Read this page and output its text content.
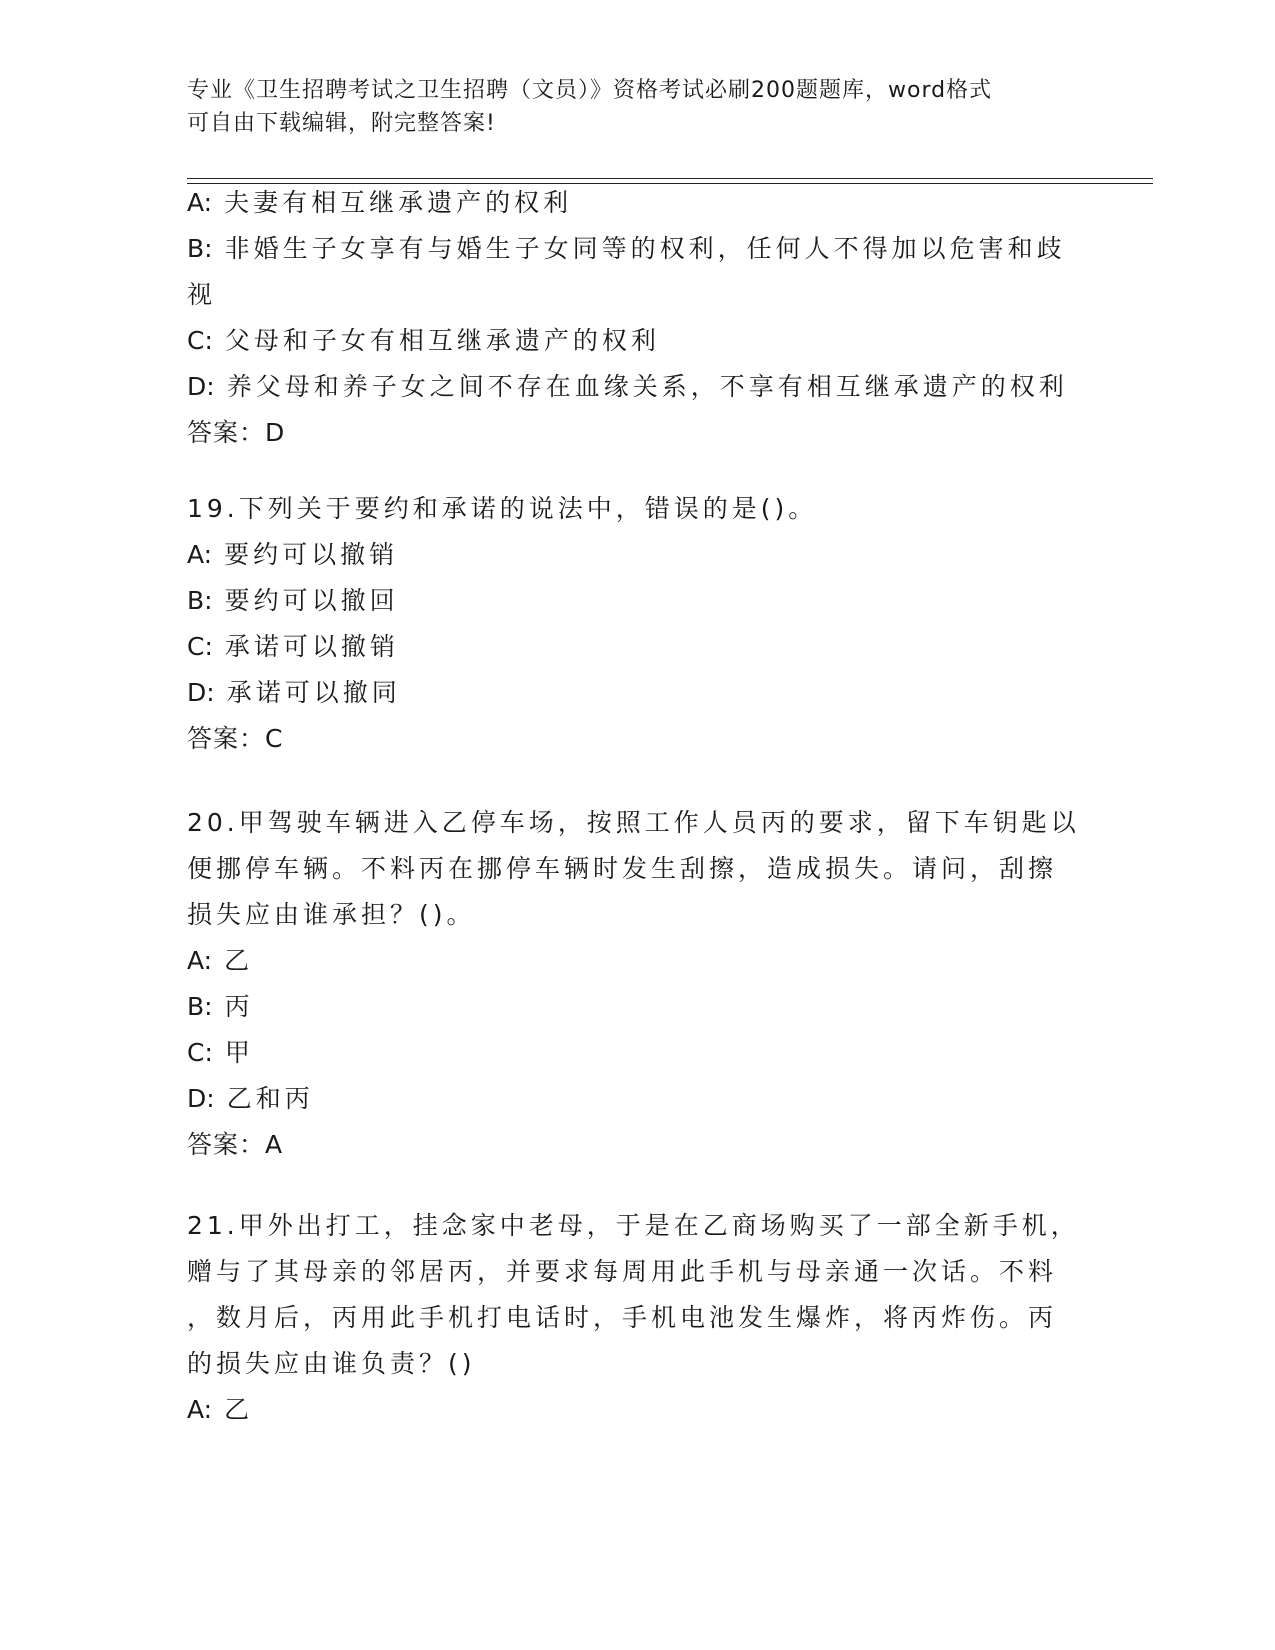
专业《卫生招聘考试之卫生招聘（文员）》资格考试必刷200题题库，word格式
可自由下载编辑，附完整答案!
A: 夫妻有相互继承遗产的权利
B: 非婚生子女享有与婚生子女同等的权利，任何人不得加以危害和歧
视
C: 父母和子女有相互继承遗产的权利
D: 养父母和养子女之间不存在血缘关系，不享有相互继承遗产的权利
答案：D
19.下列关于要约和承诺的说法中，错误的是()。
A: 要约可以撤销
B: 要约可以撤回
C: 承诺可以撤销
D: 承诺可以撤同
答案：C
20.甲驾驶车辆进入乙停车场，按照工作人员丙的要求，留下车钥匙以
便挪停车辆。不料丙在挪停车辆时发生刮擦，造成损失。请问，刮擦
损失应由谁承担？()。
A: 乙
B: 丙
C: 甲
D: 乙和丙
答案：A
21.甲外出打工，挂念家中老母，于是在乙商场购买了一部全新手机，
赠与了其母亲的邻居丙，并要求每周用此手机与母亲通一次话。不料
，数月后，丙用此手机打电话时，手机电池发生爆炸，将丙炸伤。丙
的损失应由谁负责？()
A: 乙
